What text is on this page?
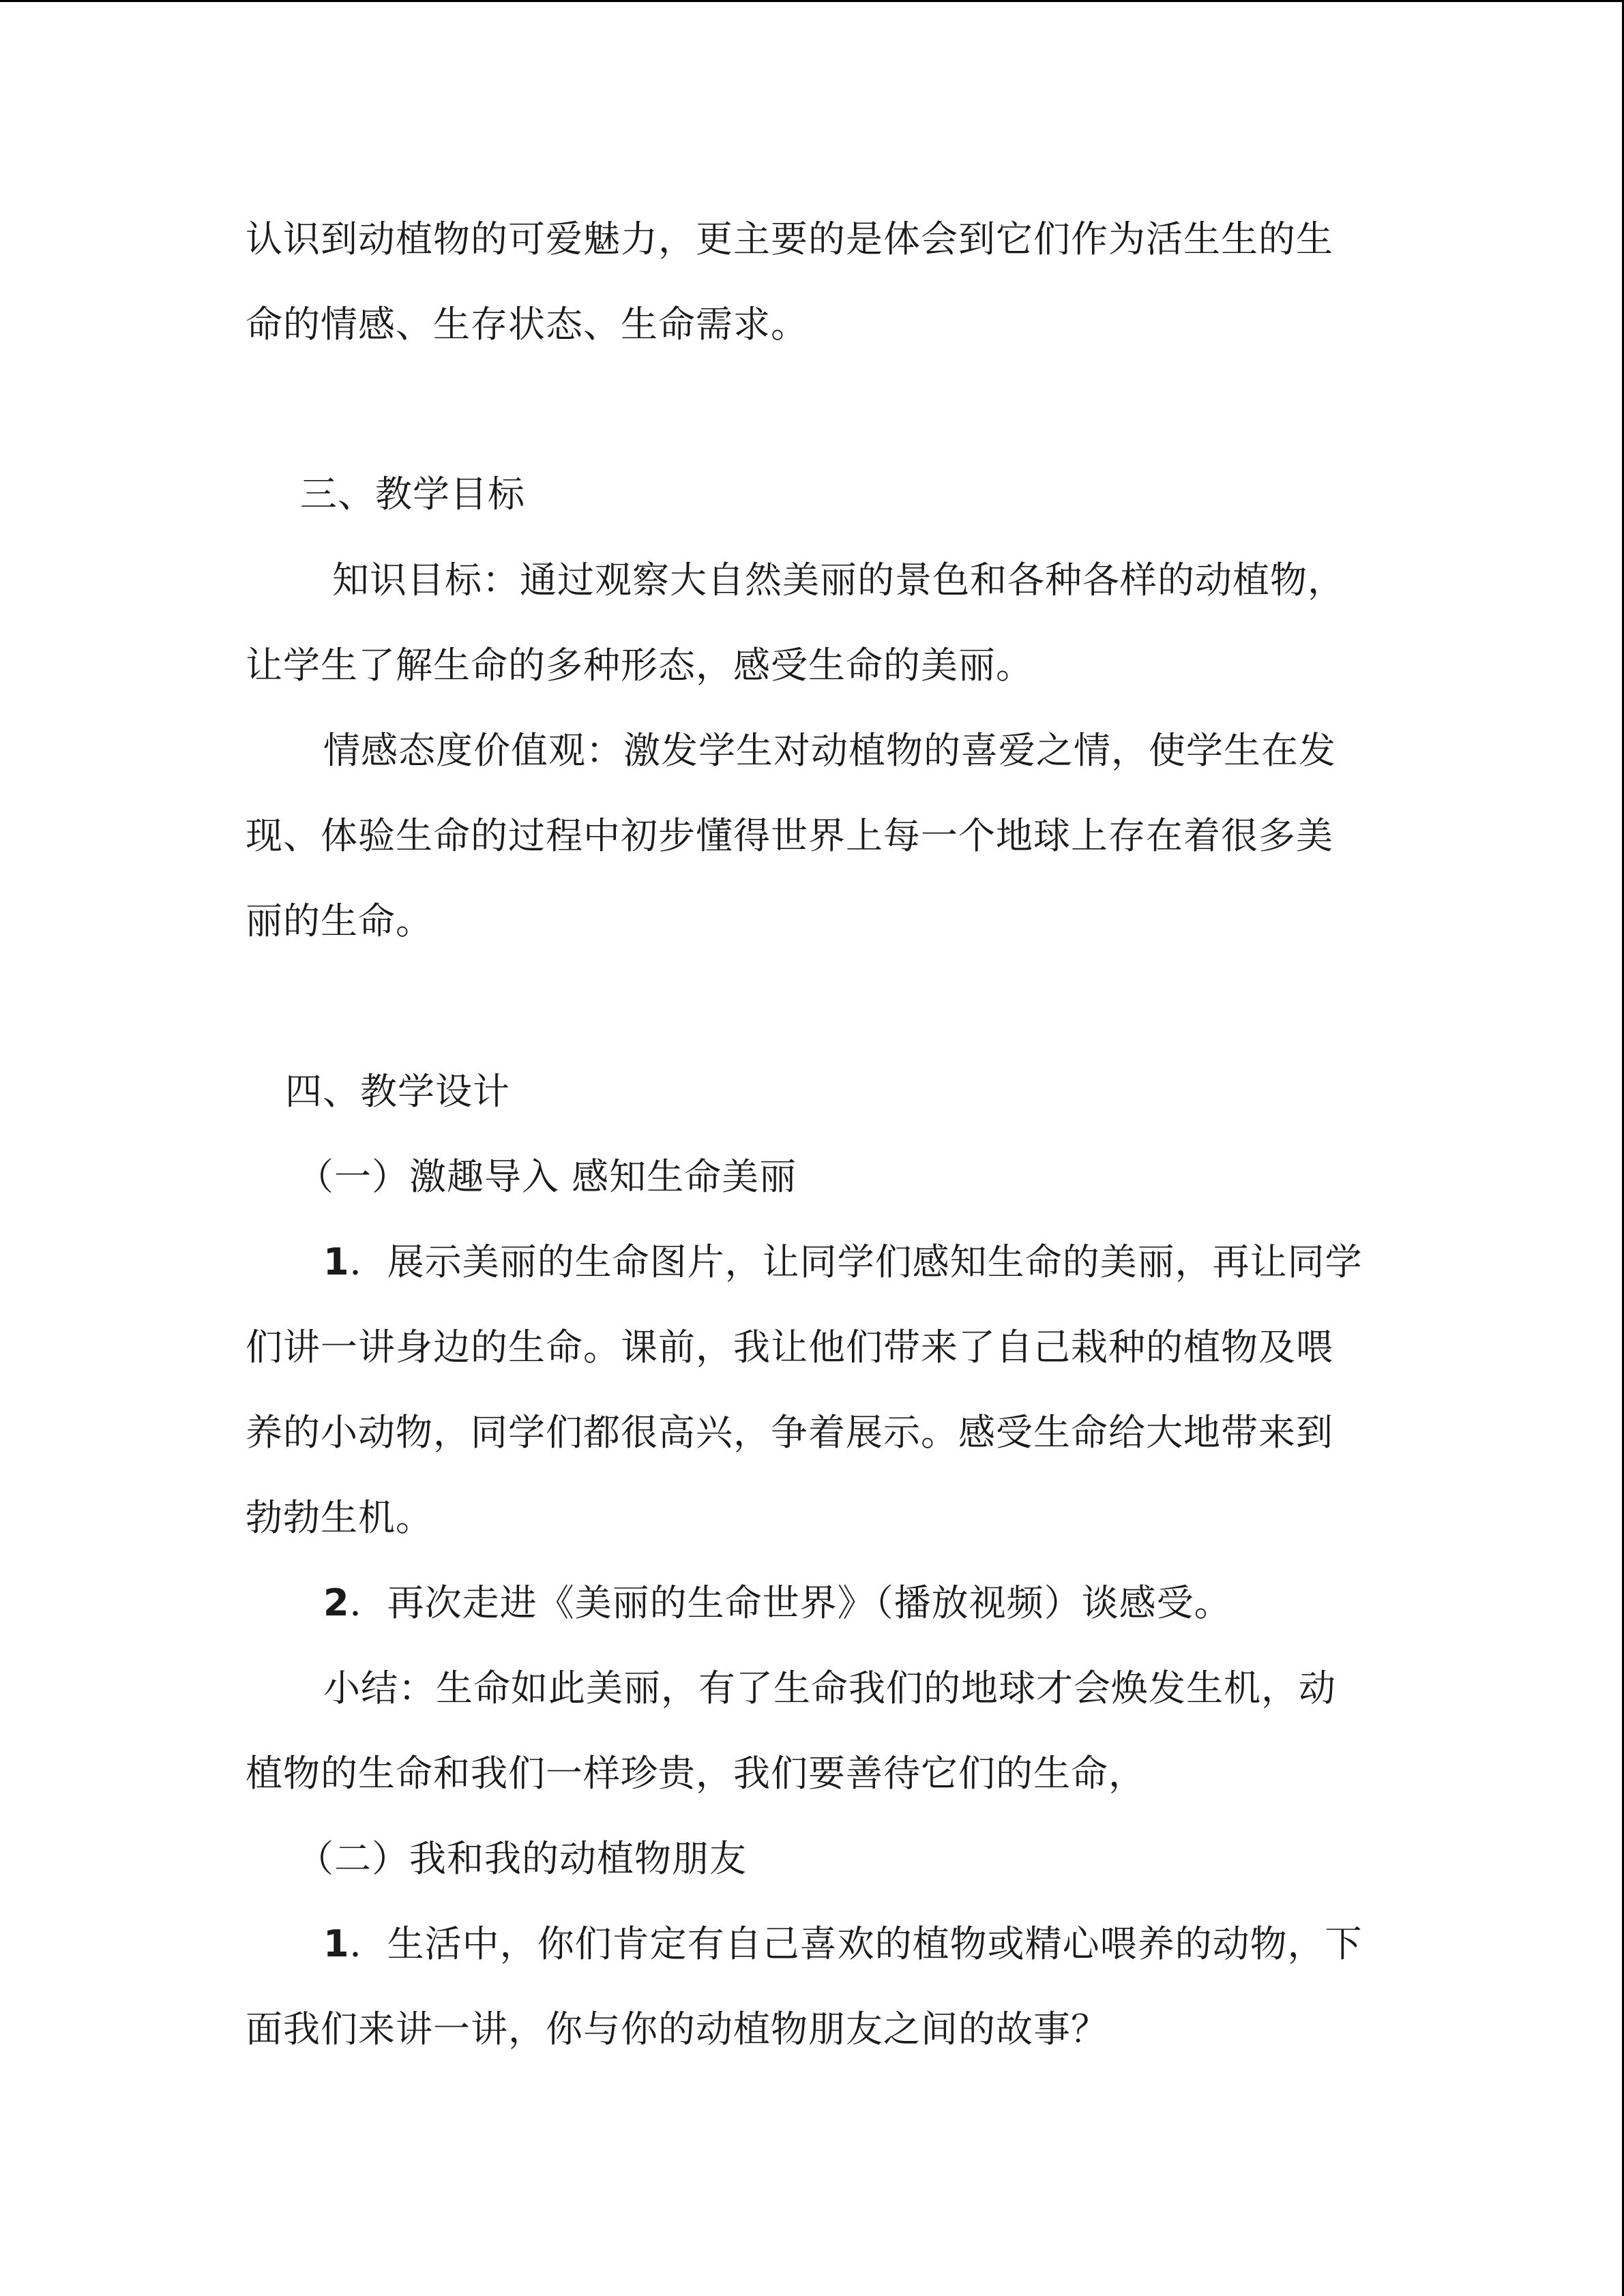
认识到动植物的可爱魅力，更主要的是体会到它们作为活生生的生
命的情感、生存状态、生命需求。
三、教学目标
知识目标：通过观察大自然美丽的景色和各种各样的动植物，
让学生了解生命的多种形态，感受生命的美丽。
情感态度价值观：激发学生对动植物的喜爱之情，使学生在发
现、体验生命的过程中初步懂得世界上每一个地球上存在着很多美
丽的生命。
四、教学设计
（一）激趣导入 感知生命美丽
1．展示美丽的生命图片，让同学们感知生命的美丽，再让同学
们讲一讲身边的生命。课前，我让他们带来了自己栽种的植物及喂
养的小动物，同学们都很高兴，争着展示。感受生命给大地带来到
勃勃生机。
2．再次走进《美丽的生命世界》（播放视频）谈感受。
小结：生命如此美丽，有了生命我们的地球才会焕发生机，动
植物的生命和我们一样珍贵，我们要善待它们的生命，
（二）我和我的动植物朋友
1．生活中，你们肯定有自己喜欢的植物或精心喂养的动物，下
面我们来讲一讲，你与你的动植物朋友之间的故事？
